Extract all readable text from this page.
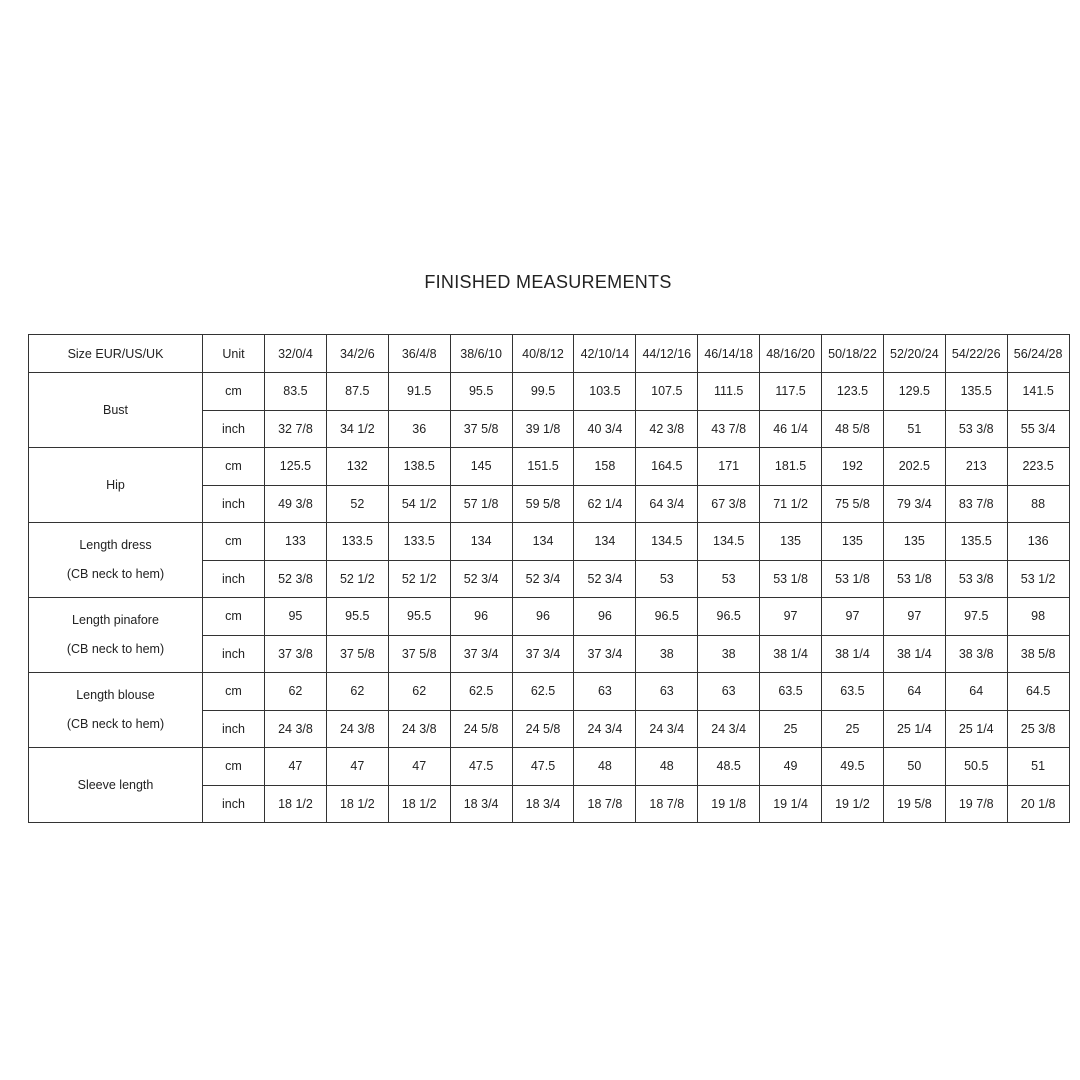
FINISHED MEASUREMENTS
Size EUR/US/UK	Unit	32/0/4	34/2/6	36/4/8	38/6/10	40/8/12	42/10/14	44/12/16	46/14/18	48/16/20	50/18/22	52/20/24	54/22/26	56/24/28

Bust	cm	83.5	87.5	91.5	95.5	99.5	103.5	107.5	111.5	117.5	123.5	129.5	135.5	141.5
	inch	32 7/8	34 1/2	36	37 5/8	39 1/8	40 3/4	42 3/8	43 7/8	46 1/4	48 5/8	51	53 3/8	55 3/4

Hip	cm	125.5	132	138.5	145	151.5	158	164.5	171	181.5	192	202.5	213	223.5
	inch	49 3/8	52	54 1/2	57 1/8	59 5/8	62 1/4	64 3/4	67 3/8	71 1/2	75 5/8	79 3/4	83 7/8	88

Length dress
(CB neck to hem)	cm	133	133.5	133.5	134	134	134	134.5	134.5	135	135	135	135.5	136
	inch	52 3/8	52 1/2	52 1/2	52 3/4	52 3/4	52 3/4	53	53	53 1/8	53 1/8	53 1/8	53 3/8	53 1/2

Length pinafore
(CB neck to hem)	cm	95	95.5	95.5	96	96	96	96.5	96.5	97	97	97	97.5	98
	inch	37 3/8	37 5/8	37 5/8	37 3/4	37 3/4	37 3/4	38	38	38 1/4	38 1/4	38 1/4	38 3/8	38 5/8

Length blouse
(CB neck to hem)	cm	62	62	62	62.5	62.5	63	63	63	63.5	63.5	64	64	64.5
	inch	24 3/8	24 3/8	24 3/8	24 5/8	24 5/8	24 3/4	24 3/4	24 3/4	25	25	25 1/4	25 1/4	25 3/8

Sleeve length	cm	47	47	47	47.5	47.5	48	48	48.5	49	49.5	50	50.5	51
	inch	18 1/2	18 1/2	18 1/2	18 3/4	18 3/4	18 7/8	18 7/8	19 1/8	19 1/4	19 1/2	19 5/8	19 7/8	20 1/8
